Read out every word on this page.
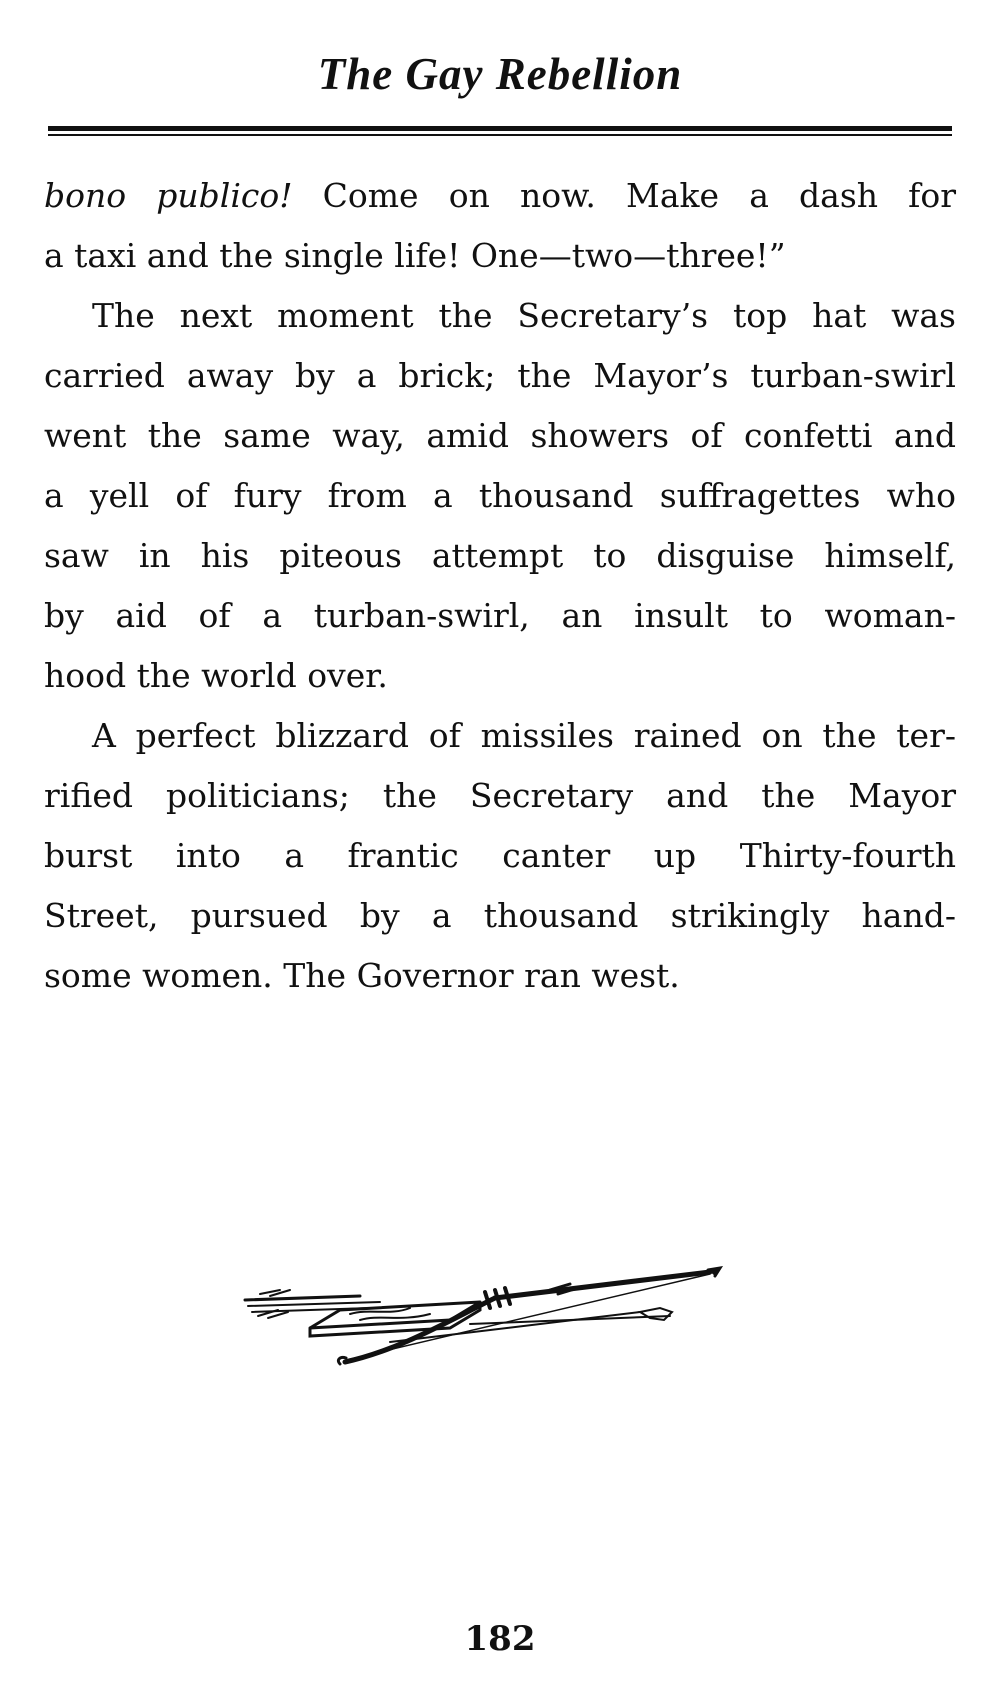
The Gay Rebellion
bono publico! Come on now. Make a dash for
a taxi and the single life! One—two—three!”
The next moment the Secretary’s top hat was
carried away by a brick; the Mayor’s turban-swirl
went the same way, amid showers of confetti and
a yell of fury from a thousand suffragettes who
saw in his piteous attempt to disguise himself,
by aid of a turban-swirl, an insult to woman-
hood the world over.
A perfect blizzard of missiles rained on the ter-
rified politicians; the Secretary and the Mayor
burst into a frantic canter up Thirty-fourth
Street, pursued by a thousand strikingly hand-
some women. The Governor ran west.
182
